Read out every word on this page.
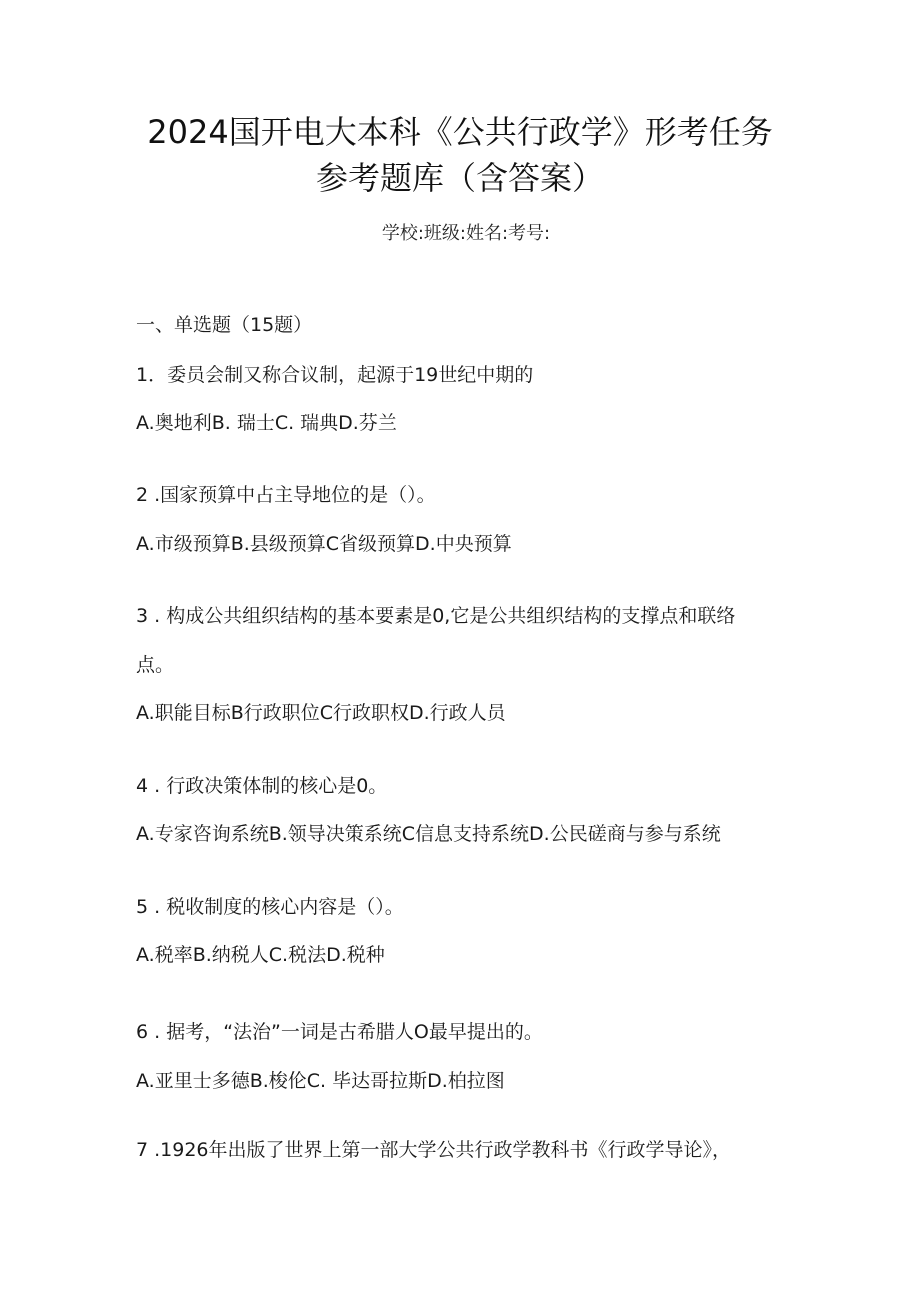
2024国开电大本科《公共行政学》形考任务
参考题库（含答案）
学校:班级:姓名:考号:
一、单选题（15题）
1．委员会制又称合议制，起源于19世纪中期的
A.奥地利B. 瑞士C. 瑞典D.芬兰
2 .国家预算中占主导地位的是（）。
A.市级预算B.县级预算C省级预算D.中央预算
3 . 构成公共组织结构的基本要素是0,它是公共组织结构的支撑点和联络
点。
A.职能目标B行政职位C行政职权D.行政人员
4 . 行政决策体制的核心是0。
A.专家咨询系统B.领导决策系统C信息支持系统D.公民磋商与参与系统
5 . 税收制度的核心内容是（）。
A.税率B.纳税人C.税法D.税种
6 . 据考，“法治”一词是古希腊人O最早提出的。
A.亚里士多德B.梭伦C. 毕达哥拉斯D.柏拉图
7 .1926年出版了世界上第一部大学公共行政学教科书《行政学导论》，
